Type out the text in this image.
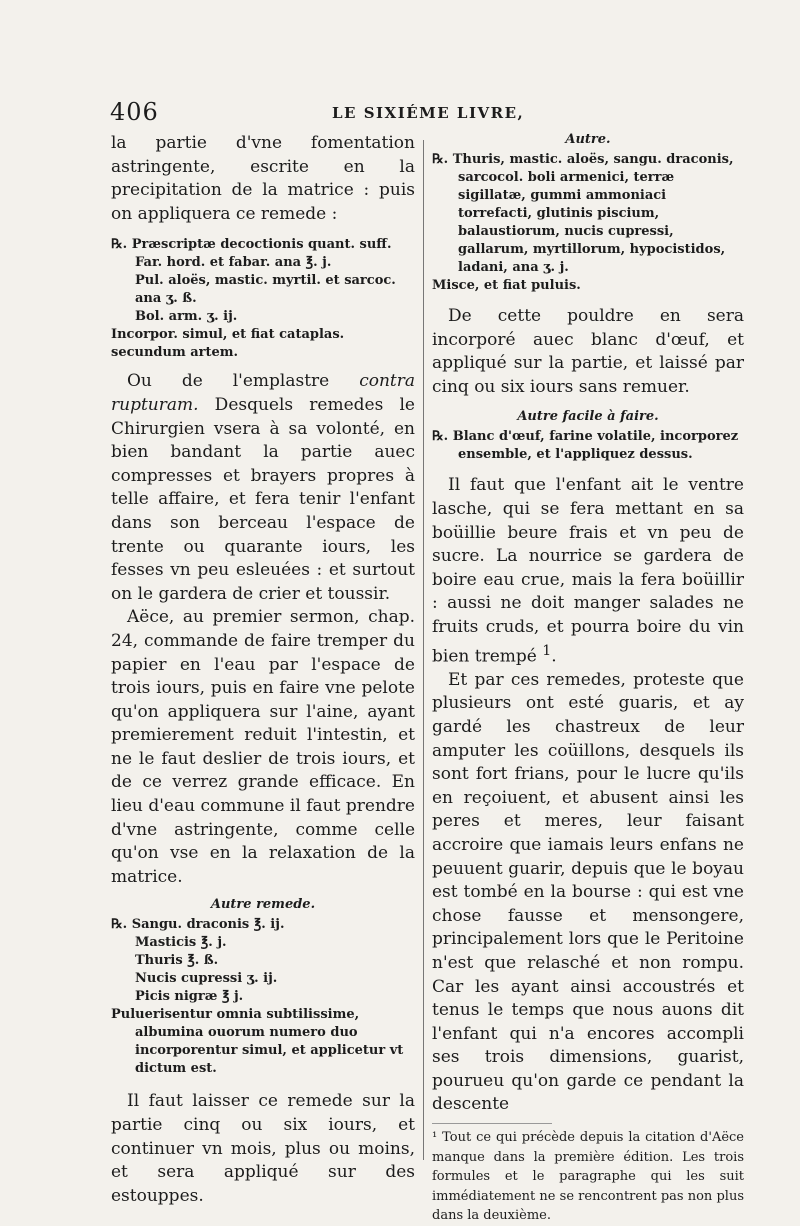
406	LE SIXIÉME LIVRE,

la partie d'vne fomentation astringente, escrite en la precipitation de la matrice : puis on appliquera ce remede :

℞. Præscriptæ decoctionis quant. suff.

Far. hord. et fabar. ana ℥. j.

Pul. aloës, mastic. myrtil. et sarcoc. ana ʒ. ß.

Bol. arm. ʒ. ij.

Incorpor. simul, et fiat cataplas. secundum artem.

Ou de l'emplastre contra rupturam. Desquels remedes le Chirurgien vsera à sa volonté, en bien bandant la partie auec compresses et brayers propres à telle affaire, et fera tenir l'enfant dans son berceau l'espace de trente ou quarante iours, les fesses vn peu esleuées : et surtout on le gardera de crier et toussir.

Aëce, au premier sermon, chap. 24, commande de faire tremper du papier en l'eau par l'espace de trois iours, puis en faire vne pelote qu'on appliquera sur l'aine, ayant premierement reduit l'intestin, et ne le faut deslier de trois iours, et de ce verrez grande efficace. En lieu d'eau commune il faut prendre d'vne astringente, comme celle qu'on vse en la relaxation de la matrice.

Autre remede.

℞. Sangu. draconis ℥. ij.

Masticis ℥. j.

Thuris ℥. ß.

Nucis cupressi ʒ. ij.

Picis nigræ ℥ j.

Puluerisentur omnia subtilissime, albumina ouorum numero duo incorporentur simul, et applicetur vt dictum est.

Il faut laisser ce remede sur la partie cinq ou six iours, et continuer vn mois, plus ou moins, et sera appliqué sur des estouppes.

Autre.

℞. Thuris, mastic. aloës, sangu. draconis, sarcocol. boli armenici, terræ sigillatæ, gummi ammoniaci torrefacti, glutinis piscium, balaustiorum, nucis cupressi, gallarum, myrtillorum, hypocistidos, ladani, ana ʒ. j.

Misce, et fiat puluis.

De cette pouldre en sera incorporé auec blanc d'œuf, et appliqué sur la partie, et laissé par cinq ou six iours sans remuer.

Autre facile à faire.

℞. Blanc d'œuf, farine volatile, incorporez ensemble, et l'appliquez dessus.

Il faut que l'enfant ait le ventre lasche, qui se fera mettant en sa boüillie beure frais et vn peu de sucre. La nourrice se gardera de boire eau crue, mais la fera boüillir : aussi ne doit manger salades ne fruits cruds, et pourra boire du vin bien trempé $^1$.

Et par ces remedes, proteste que plusieurs ont esté guaris, et ay gardé les chastreux de leur amputer les coüillons, desquels ils sont fort frians, pour le lucre qu'ils en reçoiuent, et abusent ainsi les peres et meres, leur faisant accroire que iamais leurs enfans ne peuuent guarir, depuis que le boyau est tombé en la bourse : qui est vne chose fausse et mensongere, principalement lors que le Peritoine n'est que relasché et non rompu. Car les ayant ainsi accoustrés et tenus le temps que nous auons dit l'enfant qui n'a encores accompli ses trois dimensions, guarist, pourueu qu'on garde ce pendant la descente

¹ Tout ce qui précède depuis la citation d'Aëce manque dans la première édition. Les trois formules et le paragraphe qui les suit immédiatement ne se rencontrent pas non plus dans la deuxième.
